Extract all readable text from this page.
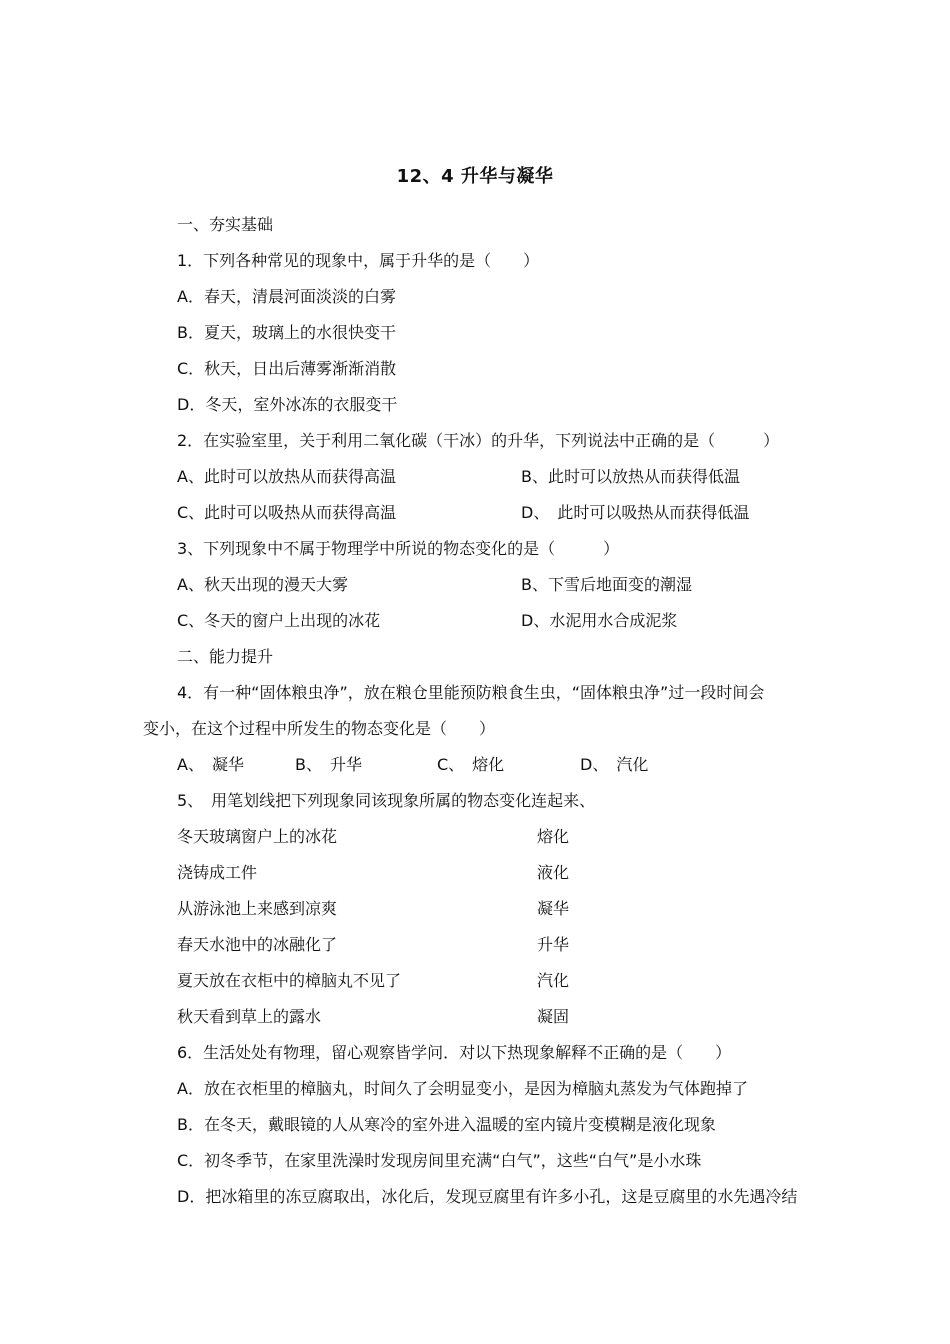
12、4 升华与凝华
一、夯实基础
1．下列各种常见的现象中，属于升华的是（　　）
A．春天，清晨河面淡淡的白雾
B．夏天，玻璃上的水很快变干
C．秋天，日出后薄雾渐渐消散
D．冬天，室外冰冻的衣服变干
2．在实验室里，关于利用二氧化碳（干冰）的升华，下列说法中正确的是（　　　）
A、此时可以放热从而获得高温	B、此时可以放热从而获得低温
C、此时可以吸热从而获得高温	D、　此时可以吸热从而获得低温
3、下列现象中不属于物理学中所说的物态变化的是（　　　）
A、秋天出现的漫天大雾	B、下雪后地面变的潮湿
C、冬天的窗户上出现的冰花	D、水泥用水合成泥浆
二、能力提升
4．有一种“固体粮虫净”，放在粮仓里能预防粮食生虫，“固体粮虫净”过一段时间会
变小，在这个过程中所发生的物态变化是（　　）
A、　凝华	B、　升华	C、　熔化	D、　汽化
5、　用笔划线把下列现象同该现象所属的物态变化连起来、
冬天玻璃窗户上的冰花	熔化
浇铸成工件	液化
从游泳池上来感到凉爽	凝华
春天水池中的冰融化了	升华
夏天放在衣柜中的樟脑丸不见了	汽化
秋天看到草上的露水	凝固
6．生活处处有物理，留心观察皆学问．对以下热现象解释不正确的是（　　）
A．放在衣柜里的樟脑丸，时间久了会明显变小，是因为樟脑丸蒸发为气体跑掉了
B．在冬天，戴眼镜的人从寒冷的室外进入温暖的室内镜片变模糊是液化现象
C．初冬季节，在家里洗澡时发现房间里充满“白气”，这些“白气”是小水珠
D．把冰箱里的冻豆腐取出，冰化后，发现豆腐里有许多小孔，这是豆腐里的水先遇冷结
